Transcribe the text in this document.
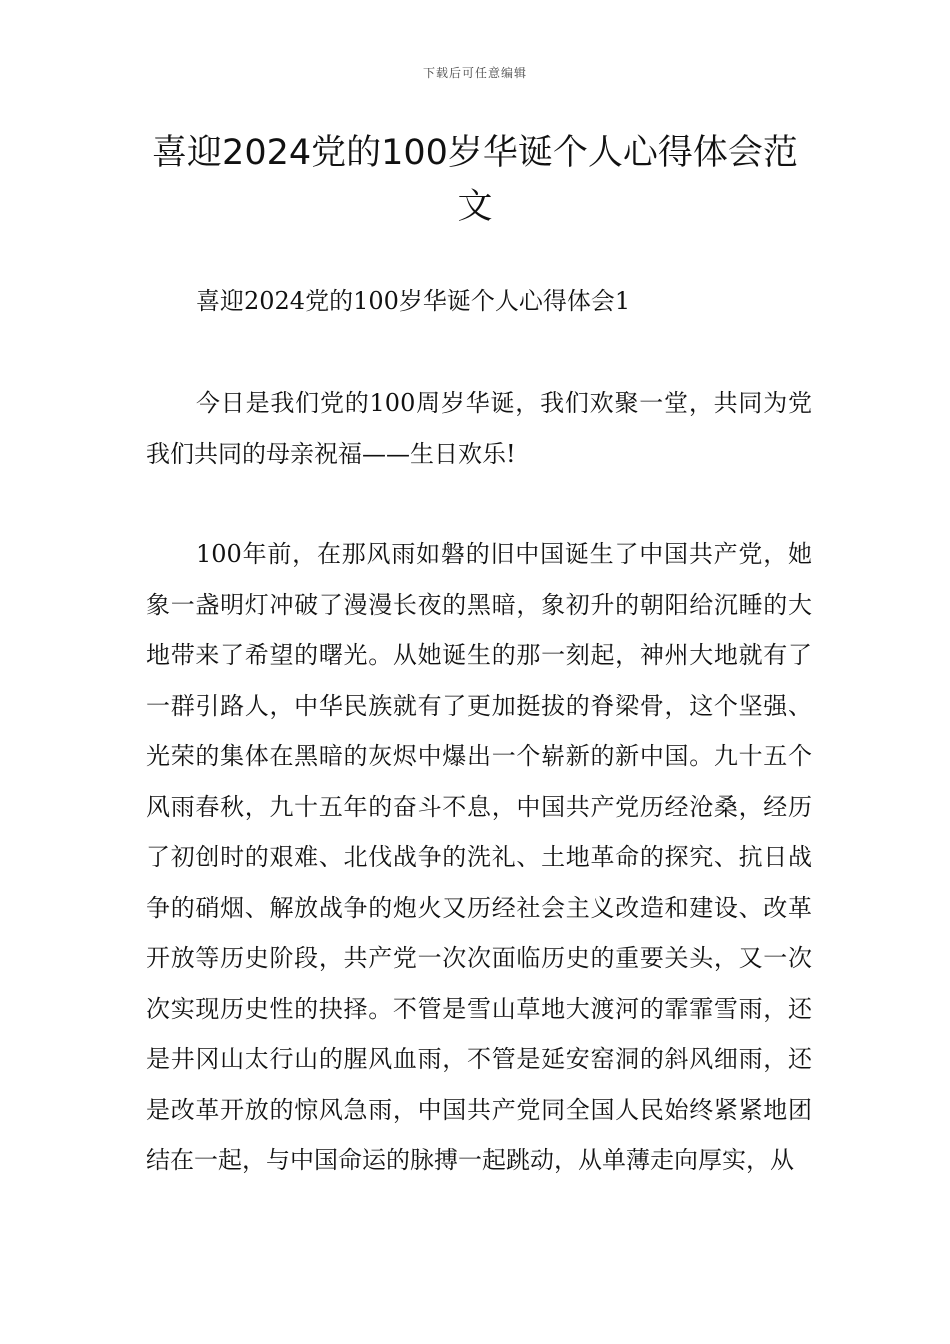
下载后可任意编辑
喜迎2024党的100岁华诞个人心得体会范文

喜迎2024党的100岁华诞个人心得体会1

今日是我们党的100周岁华诞，我们欢聚一堂，共同为党我们共同的母亲祝福——生日欢乐!

100年前，在那风雨如磐的旧中国诞生了中国共产党，她象一盏明灯冲破了漫漫长夜的黑暗，象初升的朝阳给沉睡的大地带来了希望的曙光。从她诞生的那一刻起，神州大地就有了一群引路人，中华民族就有了更加挺拔的脊梁骨，这个坚强、光荣的集体在黑暗的灰烬中爆出一个崭新的新中国。九十五个风雨春秋，九十五年的奋斗不息，中国共产党历经沧桑，经历了初创时的艰难、北伐战争的洗礼、土地革命的探究、抗日战争的硝烟、解放战争的炮火又历经社会主义改造和建设、改革开放等历史阶段，共产党一次次面临历史的重要关头，又一次次实现历史性的抉择。不管是雪山草地大渡河的霏霏雪雨，还是井冈山太行山的腥风血雨，不管是延安窑洞的斜风细雨，还是改革开放的惊风急雨，中国共产党同全国人民始终紧紧地团结在一起，与中国命运的脉搏一起跳动，从单薄走向厚实，从
